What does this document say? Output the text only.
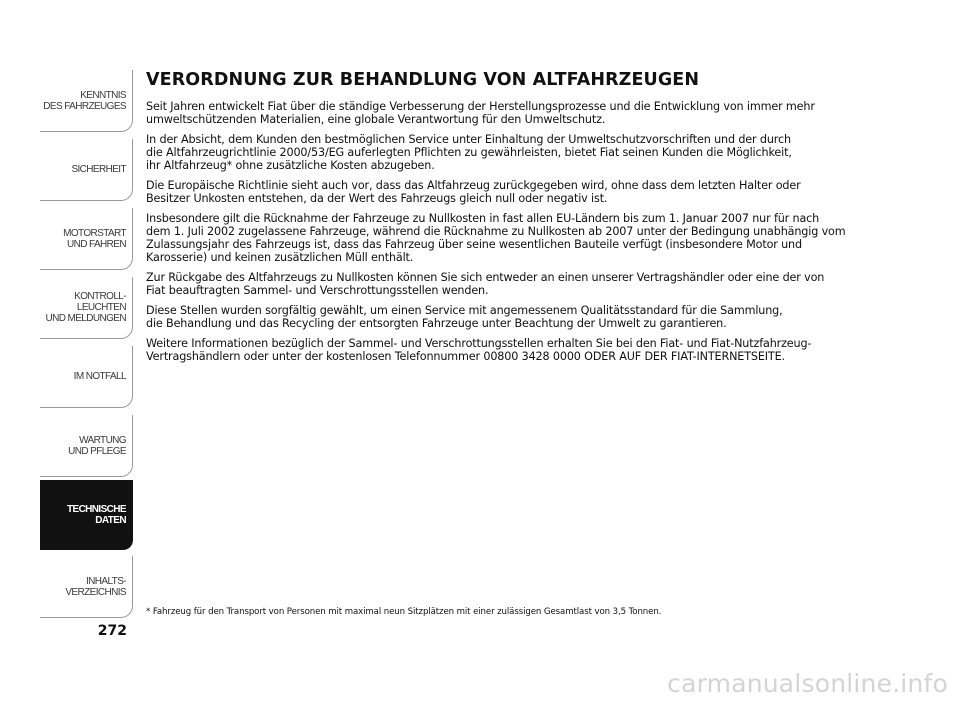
KENNTNIS
DES FAHRZEUGES
SICHERHEIT
MOTORSTART
UND FAHREN
KONTROLL-
LEUCHTEN
UND MELDUNGEN
IM NOTFALL
WARTUNG
UND PFLEGE
TECHNISCHE
DATEN
INHALTS-
VERZEICHNIS
272
VERORDNUNG ZUR BEHANDLUNG VON ALTFAHRZEUGEN

Seit Jahren entwickelt Fiat über die ständige Verbesserung der Herstellungsprozesse und die Entwicklung von immer mehr
umweltschützenden Materialien, eine globale Verantwortung für den Umweltschutz.

In der Absicht, dem Kunden den bestmöglichen Service unter Einhaltung der Umweltschutzvorschriften und der durch
die Altfahrzeugrichtlinie 2000/53/EG auferlegten Pflichten zu gewährleisten, bietet Fiat seinen Kunden die Möglichkeit,
ihr Altfahrzeug* ohne zusätzliche Kosten abzugeben.

Die Europäische Richtlinie sieht auch vor, dass das Altfahrzeug zurückgegeben wird, ohne dass dem letzten Halter oder
Besitzer Unkosten entstehen, da der Wert des Fahrzeugs gleich null oder negativ ist.

Insbesondere gilt die Rücknahme der Fahrzeuge zu Nullkosten in fast allen EU-Ländern bis zum 1. Januar 2007 nur für nach
dem 1. Juli 2002 zugelassene Fahrzeuge, während die Rücknahme zu Nullkosten ab 2007 unter der Bedingung unabhängig vom
Zulassungsjahr des Fahrzeugs ist, dass das Fahrzeug über seine wesentlichen Bauteile verfügt (insbesondere Motor und
Karosserie) und keinen zusätzlichen Müll enthält.

Zur Rückgabe des Altfahrzeugs zu Nullkosten können Sie sich entweder an einen unserer Vertragshändler oder eine der von
Fiat beauftragten Sammel- und Verschrottungsstellen wenden.

Diese Stellen wurden sorgfältig gewählt, um einen Service mit angemessenem Qualitätsstandard für die Sammlung,
die Behandlung und das Recycling der entsorgten Fahrzeuge unter Beachtung der Umwelt zu garantieren.

Weitere Informationen bezüglich der Sammel- und Verschrottungsstellen erhalten Sie bei den Fiat- und Fiat-Nutzfahrzeug-
Vertragshändlern oder unter der kostenlosen Telefonnummer 00800 3428 0000 ODER AUF DER FIAT-INTERNETSEITE.

* Fahrzeug für den Transport von Personen mit maximal neun Sitzplätzen mit einer zulässigen Gesamtlast von 3,5 Tonnen.
carmanualsonline.info
